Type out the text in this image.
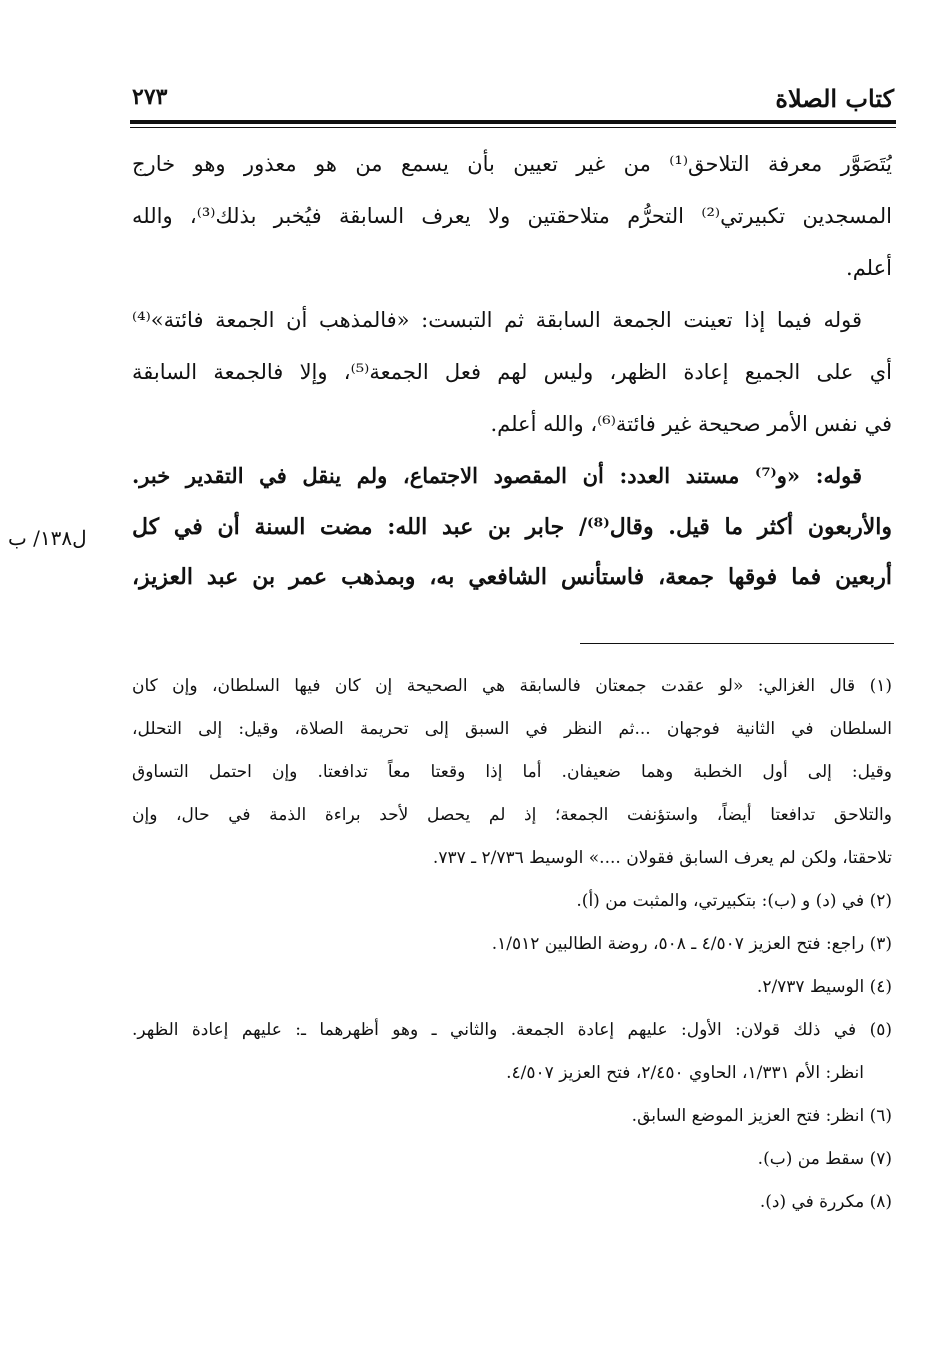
كتاب الصلاة
٢٧٣
يُتَصَوَّر معرفة التلاحق⁽¹⁾ من غير تعيين بأن يسمع من هو معذور وهو خارج
المسجدين تكبيرتي⁽²⁾ التحرُّم متلاحقتين ولا يعرف السابقة فيُخبر بذلك⁽³⁾، والله
أعلم.
قوله فيما إذا تعينت الجمعة السابقة ثم التبست: «فالمذهب أن الجمعة فائتة»⁽⁴⁾
أي على الجميع إعادة الظهر، وليس لهم فعل الجمعة⁽⁵⁾، وإلا فالجمعة السابقة
في نفس الأمر صحيحة غير فائتة⁽⁶⁾، والله أعلم.
قوله: «و⁽⁷⁾ مستند العدد: أن المقصود الاجتماع، ولم ينقل في التقدير خبر.
والأربعون أكثر ما قيل. وقال⁽⁸⁾/ جابر بن عبد الله: مضت السنة أن في كل
أربعين فما فوقها جمعة، فاستأنس الشافعي به، وبمذهب عمر بن عبد العزيز،
ل١٣٨/ ب
(١) قال الغزالي: «لو عقدت جمعتان فالسابقة هي الصحيحة إن كان فيها السلطان، وإن كان
السلطان في الثانية فوجهان ...ثم النظر في السبق إلى تحريمة الصلاة، وقيل: إلى التحلل،
وقيل: إلى أول الخطبة وهما ضعيفان. أما إذا وقعتا معاً تدافعتا. وإن احتمل التساوق
والتلاحق تدافعتا أيضاً، واستؤنفت الجمعة؛ إذ لم يحصل لأحد براءة الذمة في حال، وإن
تلاحقتا، ولكن لم يعرف السابق فقولان ....» الوسيط ٢/٧٣٦ ـ ٧٣٧.
(٢) في (د) و (ب): بتكبيرتي، والمثبت من (أ).
(٣) راجع: فتح العزيز ٤/٥٠٧ ـ ٥٠٨، روضة الطالبين ١/٥١٢.
(٤) الوسيط ٢/٧٣٧.
(٥) في ذلك قولان: الأول: عليهم إعادة الجمعة. والثاني ـ وهو أظهرهما ـ: عليهم إعادة الظهر.
انظر: الأم ١/٣٣١، الحاوي ٢/٤٥٠، فتح العزيز ٤/٥٠٧.
(٦) انظر: فتح العزيز الموضع السابق.
(٧) سقط من (ب).
(٨) مكررة في (د).
